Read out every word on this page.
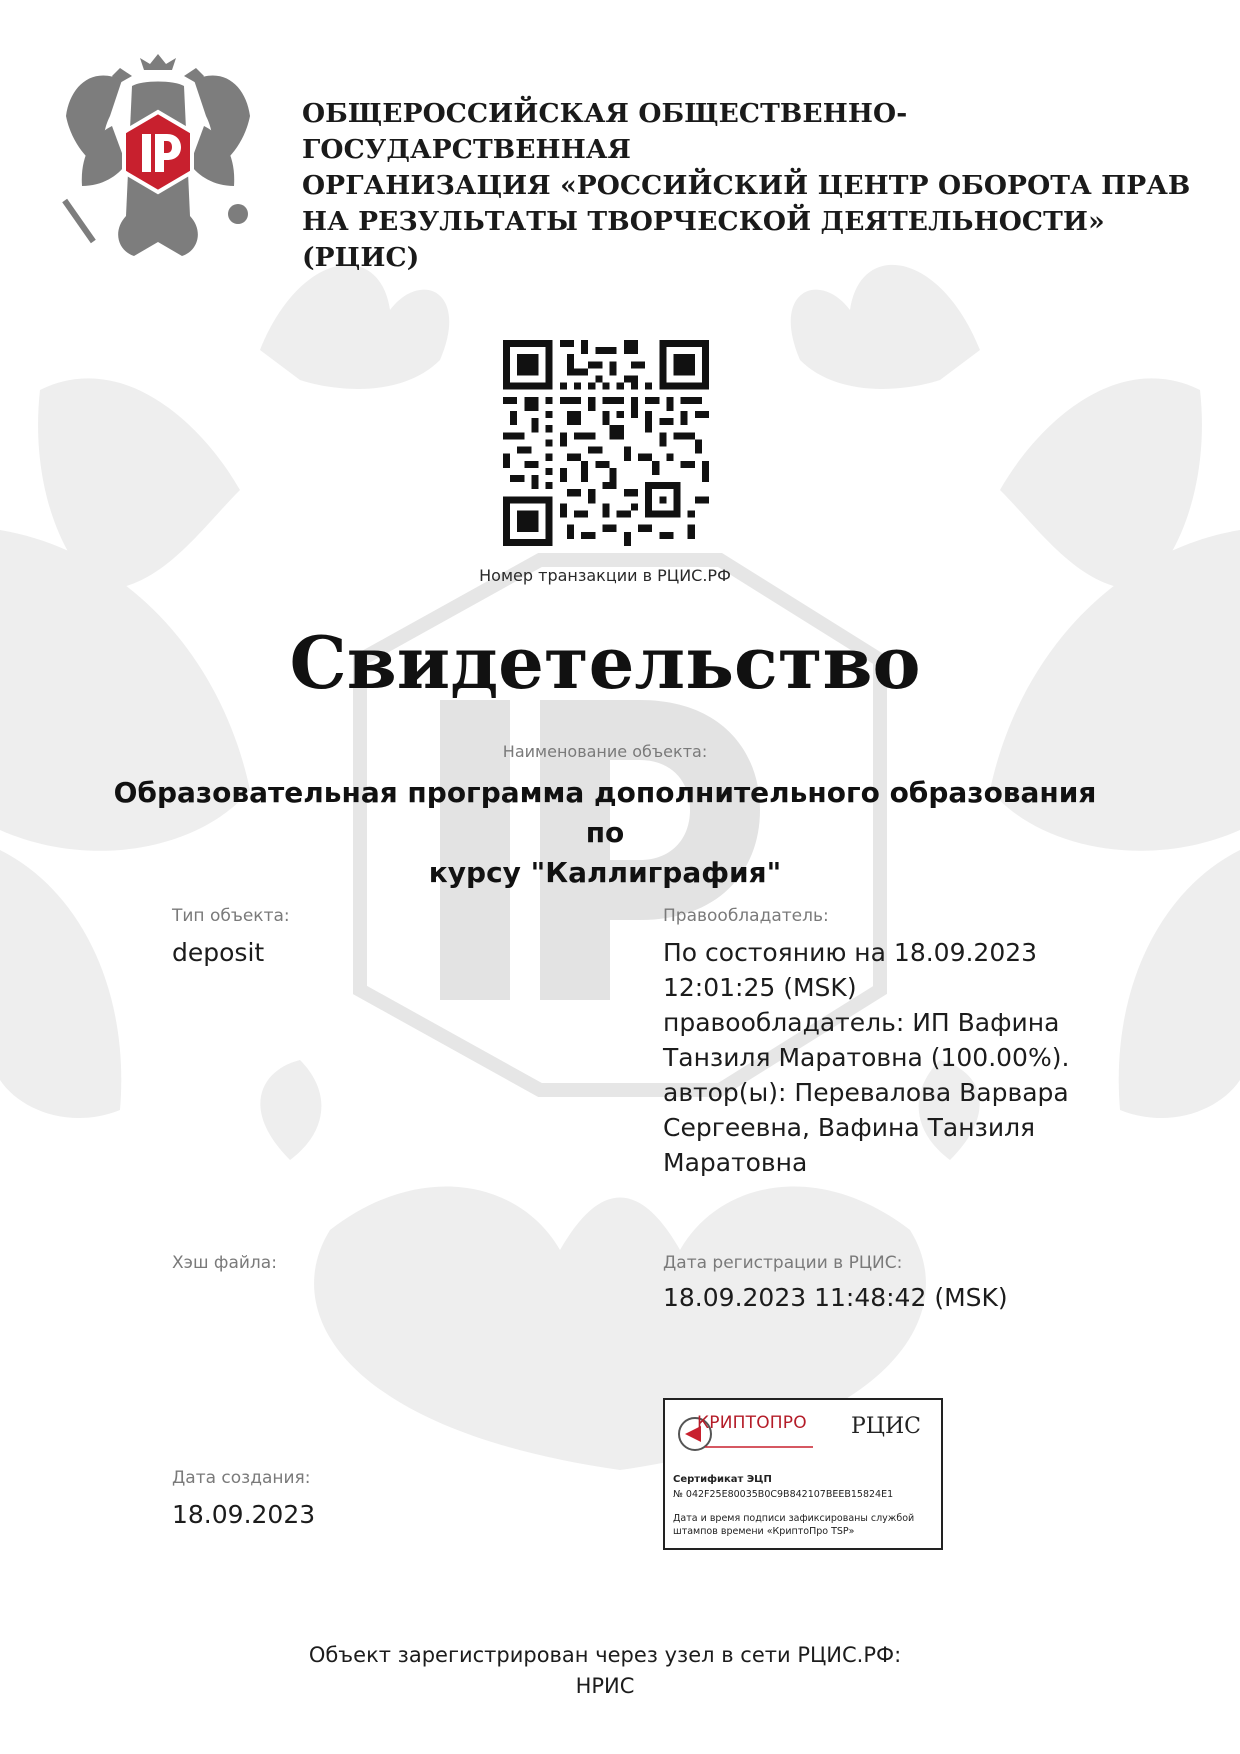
ОБЩЕРОССИЙСКАЯ ОБЩЕСТВЕННО-ГОСУДАРСТВЕННАЯ
ОРГАНИЗАЦИЯ «РОССИЙСКИЙ ЦЕНТР ОБОРОТА ПРАВ
НА РЕЗУЛЬТАТЫ ТВОРЧЕСКОЙ ДЕЯТЕЛЬНОСТИ» (РЦИС)
Номер транзакции в РЦИС.РФ
Свидетельство
Наименование объекта:
Образовательная программа дополнительного образования по
курсу "Каллиграфия"
Тип объекта:
deposit
Хэш файла:
Дата создания:
18.09.2023
Правообладатель:
По состоянию на 18.09.2023
12:01:25 (MSK)
правообладатель: ИП Вафина
Танзиля Маратовна (100.00%).
автор(ы): Перевалова Варвара
Сергеевна, Вафина Танзиля
Маратовна
Дата регистрации в РЦИС:
18.09.2023 11:48:42 (MSK)
КРИПТОПРО РЦИС
Сертификат ЭЦП
№ 042F25E80035B0C9B842107BEEB15824E1
Дата и время подписи зафиксированы службой
штампов времени «КриптоПро TSP»
Объект зарегистрирован через узел в сети РЦИС.РФ:
НРИС
